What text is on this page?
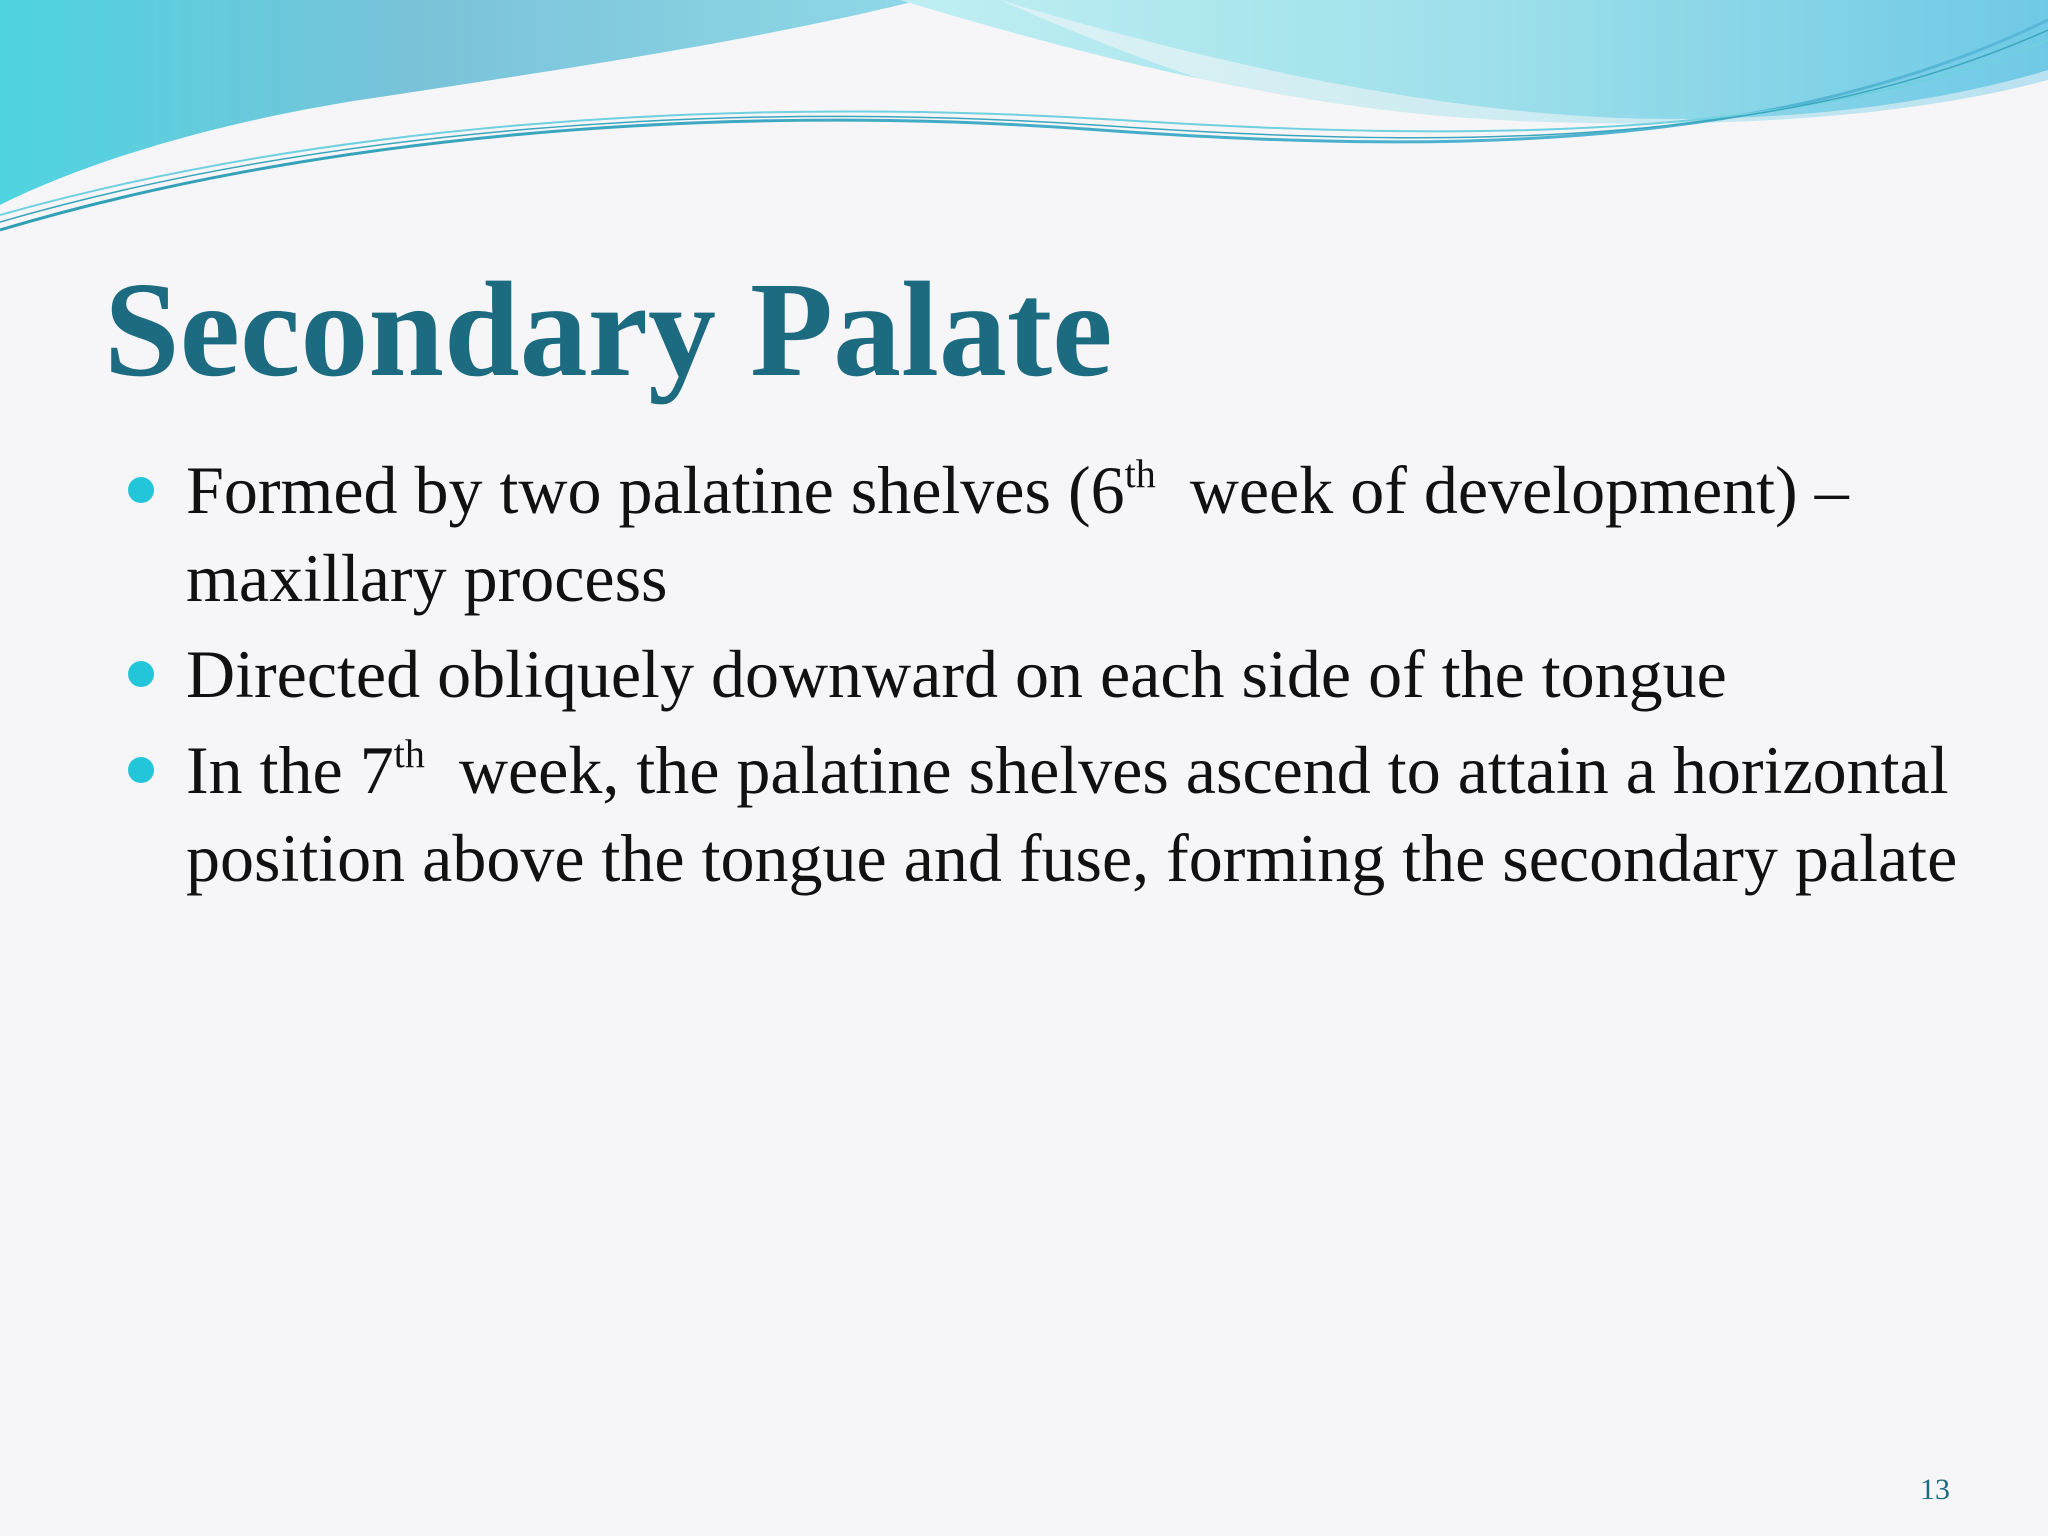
Secondary Palate
Formed by two palatine shelves (6th  week of development) –maxillary process
Directed obliquely downward on each side of the tongue
In the 7th  week, the palatine shelves ascend to attain a horizontal position above the tongue and fuse, forming the secondary palate
13
